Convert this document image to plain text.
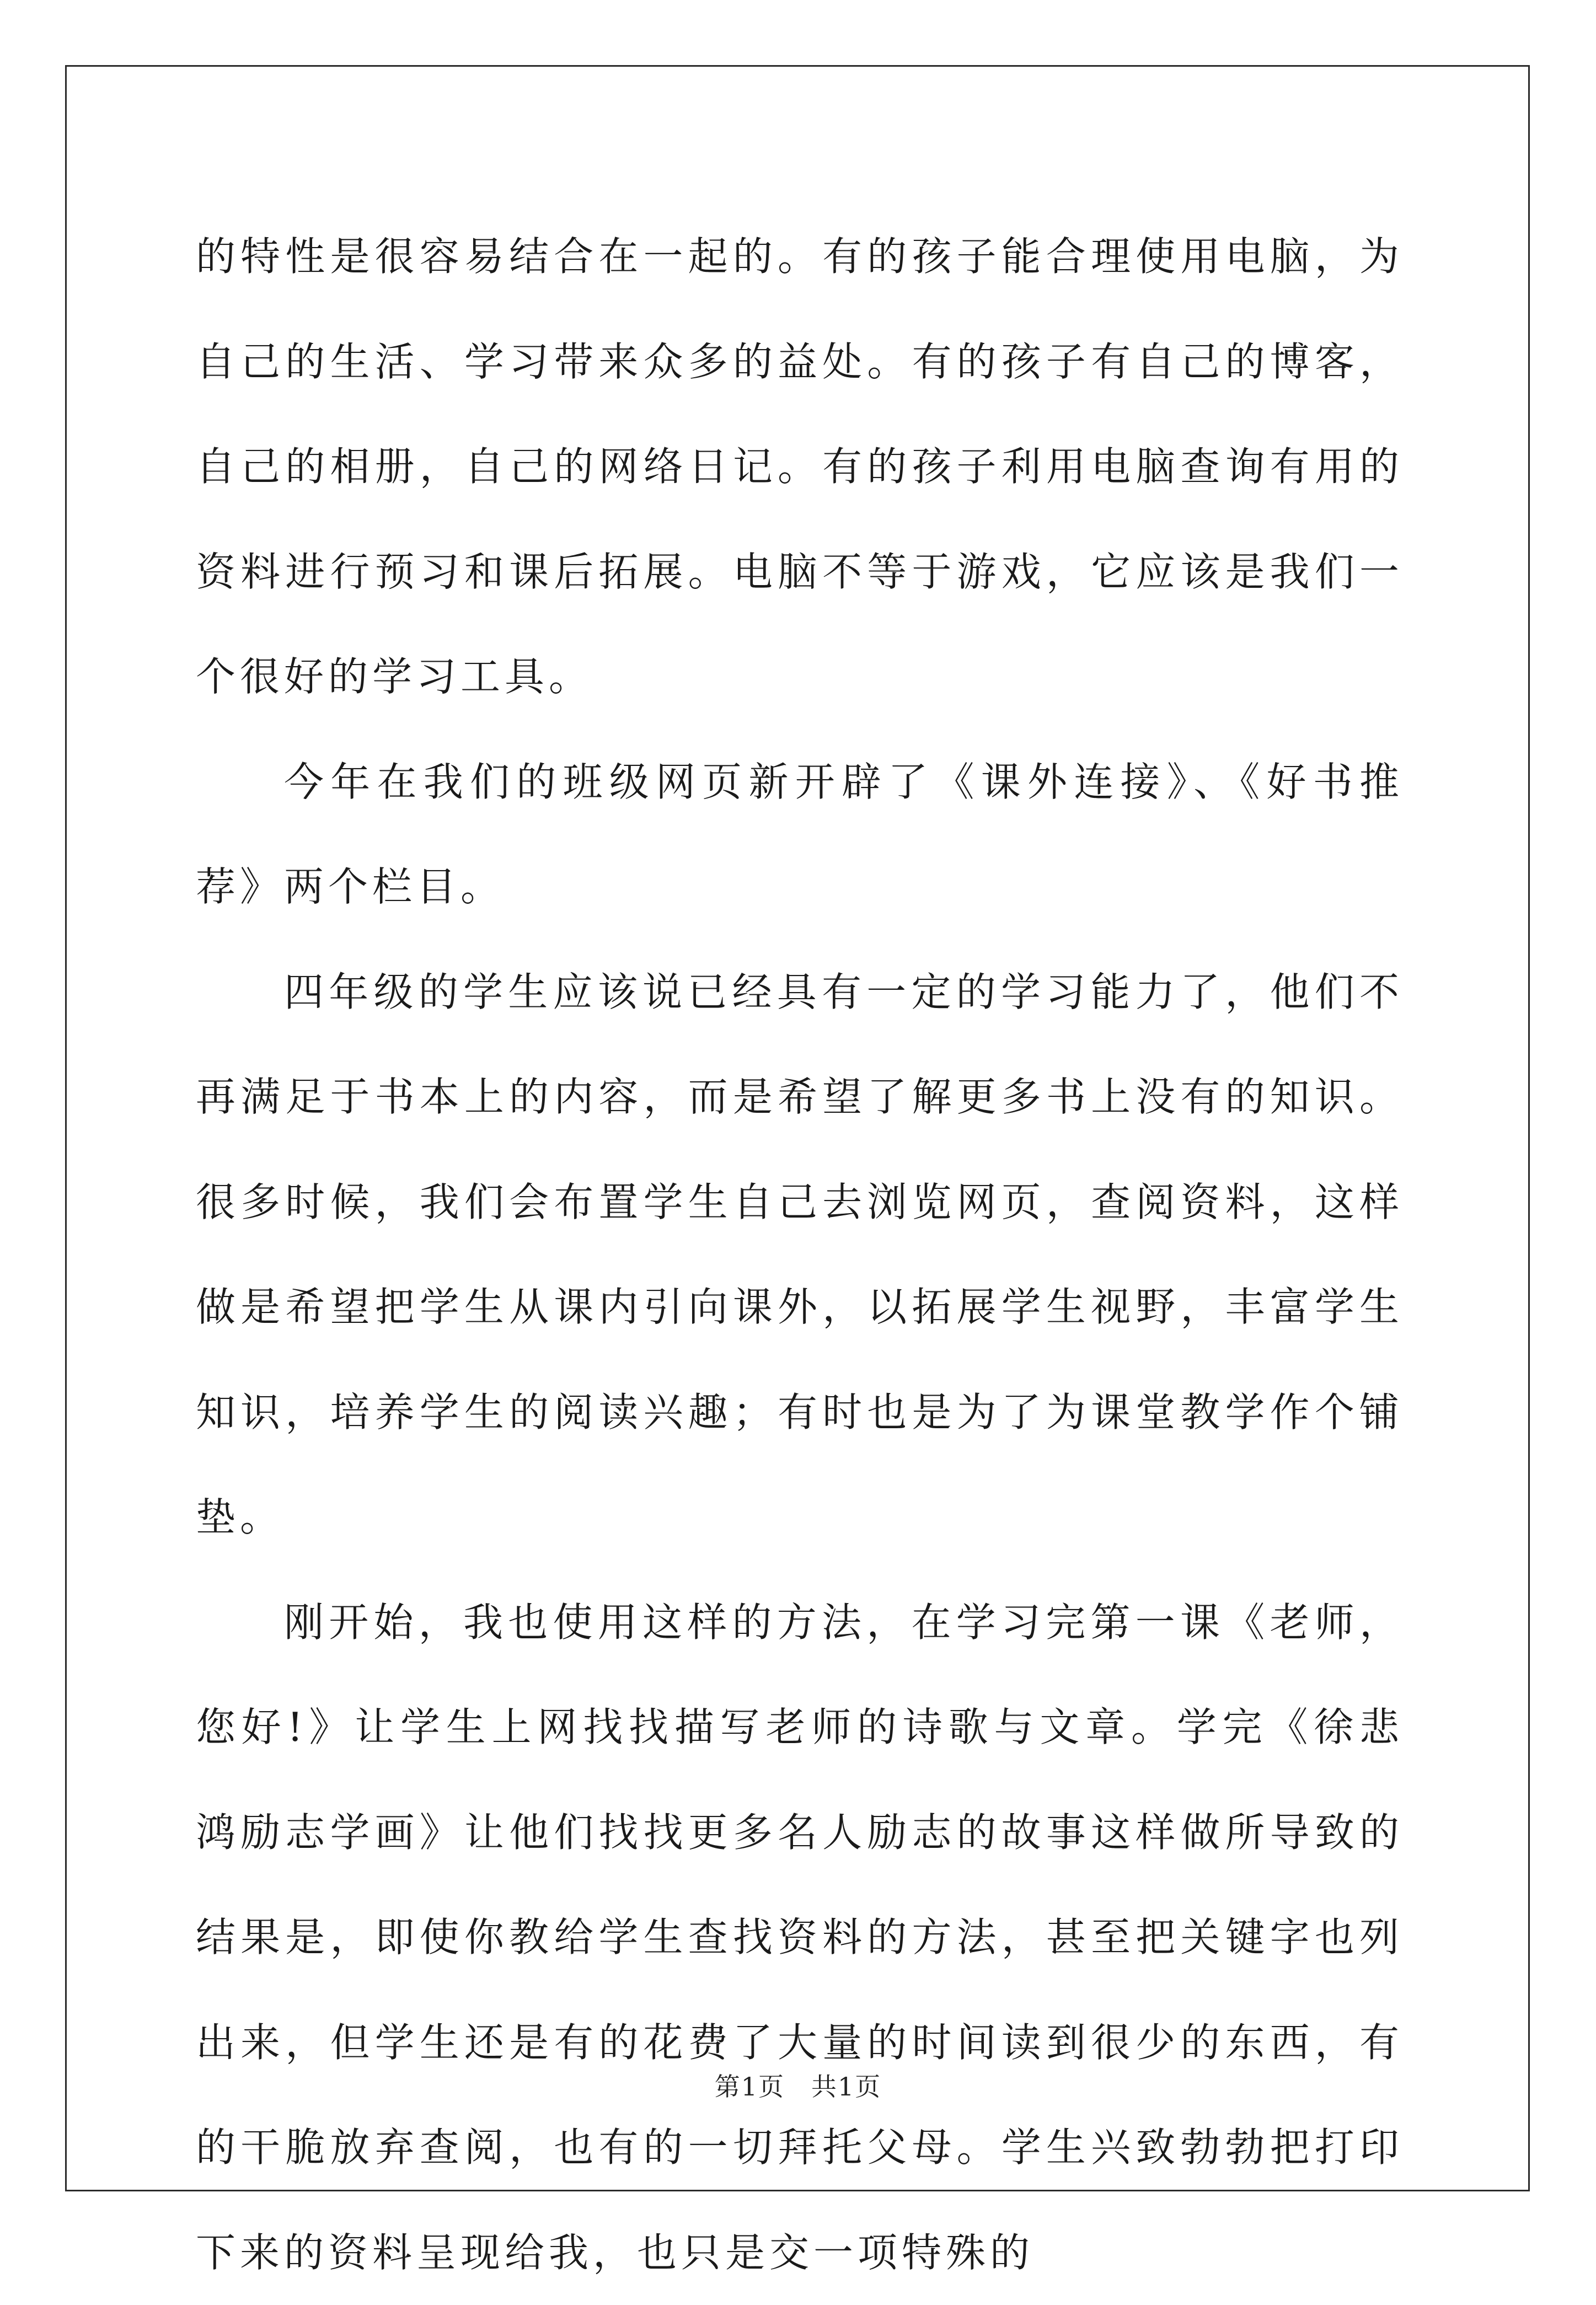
的特性是很容易结合在一起的。有的孩子能合理使用电脑，为自己的生活、学习带来众多的益处。有的孩子有自己的博客，自己的相册，自己的网络日记。有的孩子利用电脑查询有用的资料进行预习和课后拓展。电脑不等于游戏，它应该是我们一个很好的学习工具。

今年在我们的班级网页新开辟了《课外连接》、《好书推荐》两个栏目。

四年级的学生应该说已经具有一定的学习能力了，他们不再满足于书本上的内容，而是希望了解更多书上没有的知识。很多时候，我们会布置学生自己去浏览网页，查阅资料，这样做是希望把学生从课内引向课外，以拓展学生视野，丰富学生知识，培养学生的阅读兴趣；有时也是为了为课堂教学作个铺垫。

刚开始，我也使用这样的方法，在学习完第一课《老师，您好!》让学生上网找找描写老师的诗歌与文章。学完《徐悲鸿励志学画》让他们找找更多名人励志的故事这样做所导致的结果是，即使你教给学生查找资料的方法，甚至把关键字也列出来，但学生还是有的花费了大量的时间读到很少的东西，有的干脆放弃查阅，也有的一切拜托父母。学生兴致勃勃把打印下来的资料呈现给我，也只是交一项特殊的

第1页　共1页
